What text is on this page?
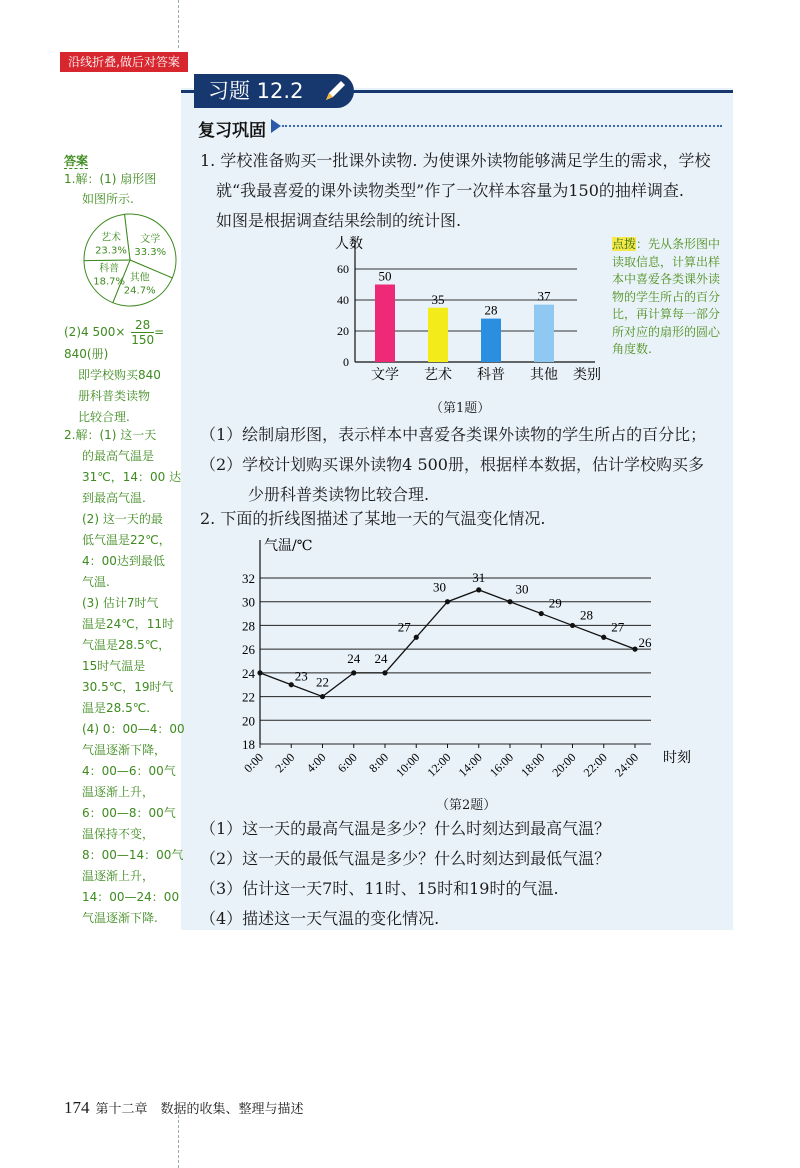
沿线折叠,做后对答案
习题 12.2
复习巩固
1. 学校准备购买一批课外读物. 为使课外读物能够满足学生的需求，学校
就“我最喜爱的课外读物类型”作了一次样本容量为150的抽样调查.
如图是根据调查结果绘制的统计图.
0
20
40
60
人数
50
文学
35
艺术
28
科普
37
其他 类别
（第1题）
点拨：先从条形图中读取信息，计算出样本中喜爱各类课外读物的学生所占的百分比，再计算每一部分所对应的扇形的圆心角度数.
（1）绘制扇形图，表示样本中喜爱各类课外读物的学生所占的百分比；
（2）学校计划购买课外读物4 500册，根据样本数据，估计学校购买多
少册科普类读物比较合理.
2. 下面的折线图描述了某地一天的气温变化情况.
18
20
22
24
26
28
30
32
气温/℃
0:00 2:00 4:00 6:00 8:00 10:00 12:00 14:00 16:00 18:00 20:00 22:00 24:00 时刻
23 22
24 24
27
30
31
30
29
28
27
26
（第2题）
（1）这一天的最高气温是多少？什么时刻达到最高气温？
（2）这一天的最低气温是多少？什么时刻达到最低气温？
（3）估计这一天7时、11时、15时和19时的气温.
（4）描述这一天气温的变化情况.
答案
1.解：(1) 扇形图
如图所示.
文学
33.3%
其他
24.7%
科普
18.7%
艺术
23.3%
(2)4 $500\times \frac{28}{150}$ =
840(册)
即学校购买840
册科普类读物
比较合理.
2.解：(1) 这一天
的最高气温是
31℃，14：00 达
到最高气温.
(2) 这一天的最
低气温是22℃，
4：00达到最低
气温.
(3) 估计7时气
温是24℃，11时
气温是28.5℃，
15时气温是
30.5℃，19时气
温是28.5℃.
(4) 0：00—4：00
气温逐渐下降，
4：00—6：00气
温逐渐上升，
6：00—8：00气
温保持不变，
8：00—14：00气
温逐渐上升，
14：00—24：00
气温逐渐下降.
174 第十二章　数据的收集、整理与描述
